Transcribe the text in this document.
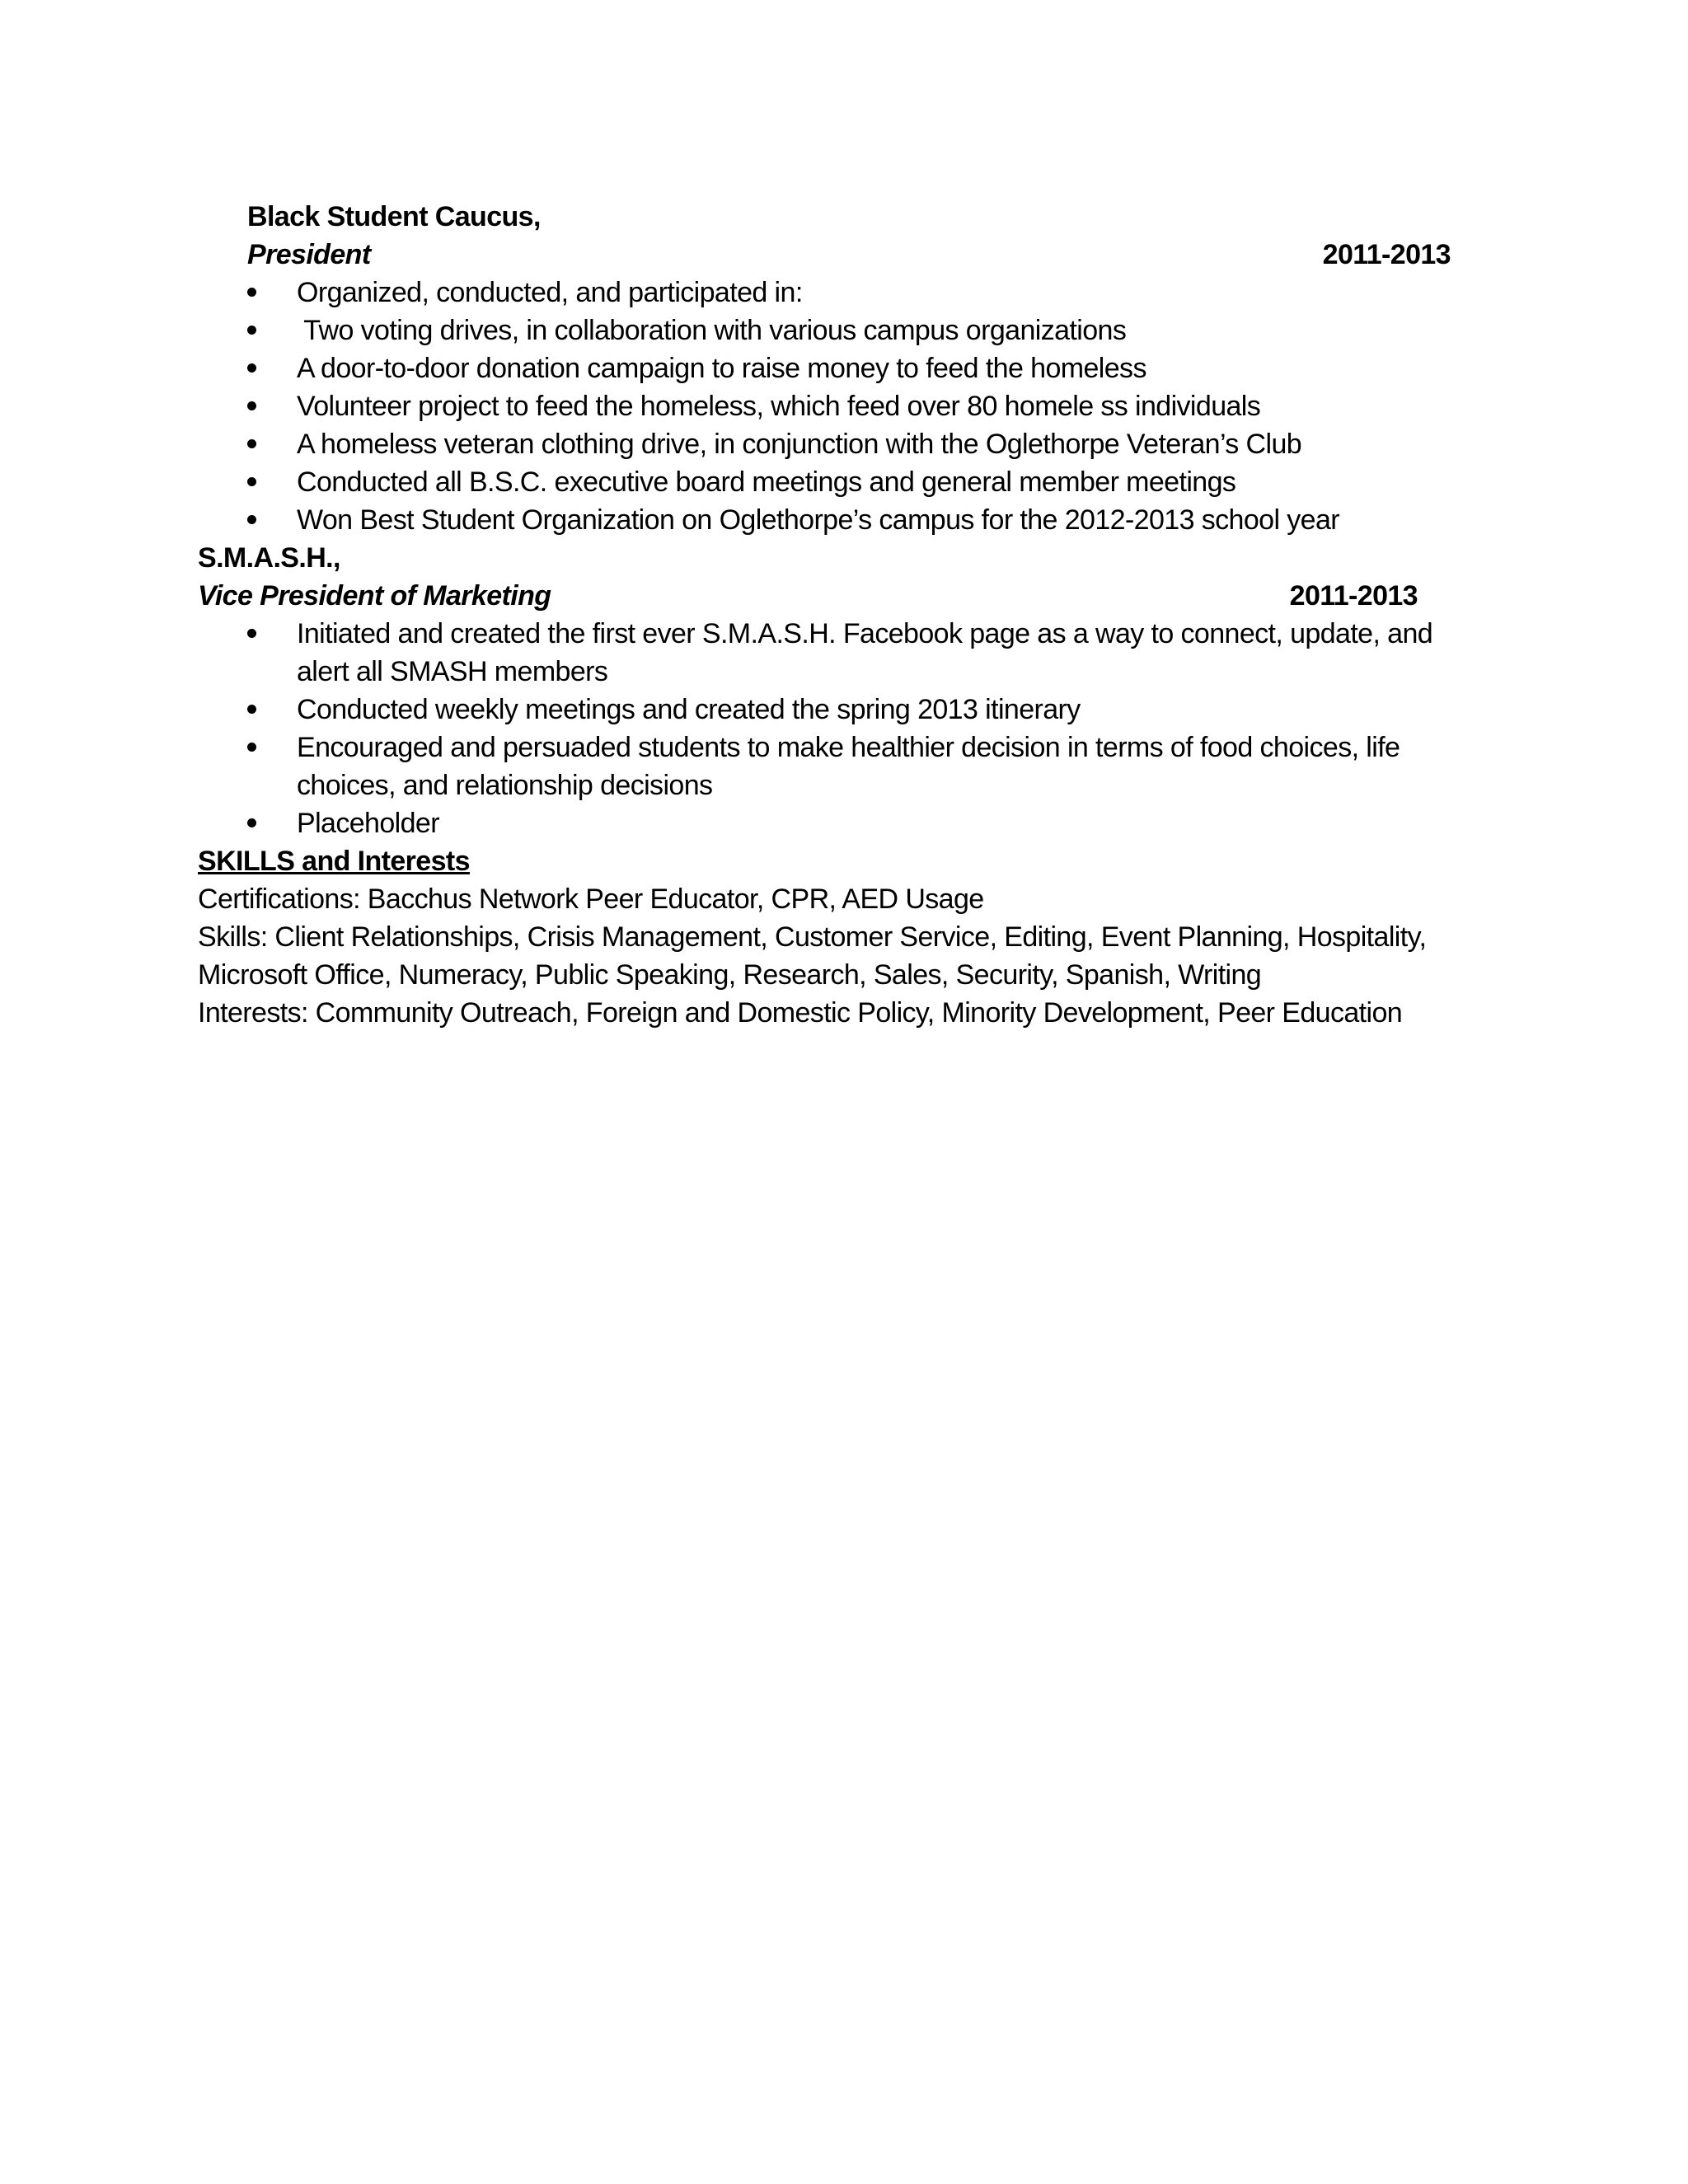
Black Student Caucus,
President	2011-2013
Organized, conducted, and participated in:
Two voting drives, in collaboration with various campus organizations
A door-to-door donation campaign to raise money to feed the homeless
Volunteer project to feed the homeless, which feed over 80 homele ss individuals
A homeless veteran clothing drive, in conjunction with the Oglethorpe Veteran’s Club
Conducted all B.S.C. executive board meetings and general member meetings
Won Best Student Organization on Oglethorpe’s campus for the 2012-2013 school year
S.M.A.S.H.,
Vice President of Marketing	2011-2013
Initiated and created the first ever S.M.A.S.H. Facebook page as a way to connect, update, and alert all SMASH members
Conducted weekly meetings and created the spring 2013 itinerary
Encouraged and persuaded students to make healthier decision in terms of food choices, life choices, and relationship decisions
Placeholder
SKILLS and Interests
Certifications: Bacchus Network Peer Educator, CPR, AED Usage
Skills: Client Relationships, Crisis Management, Customer Service, Editing, Event Planning, Hospitality, Microsoft Office, Numeracy, Public Speaking, Research, Sales, Security, Spanish, Writing
Interests: Community Outreach, Foreign and Domestic Policy, Minority Development, Peer Education
